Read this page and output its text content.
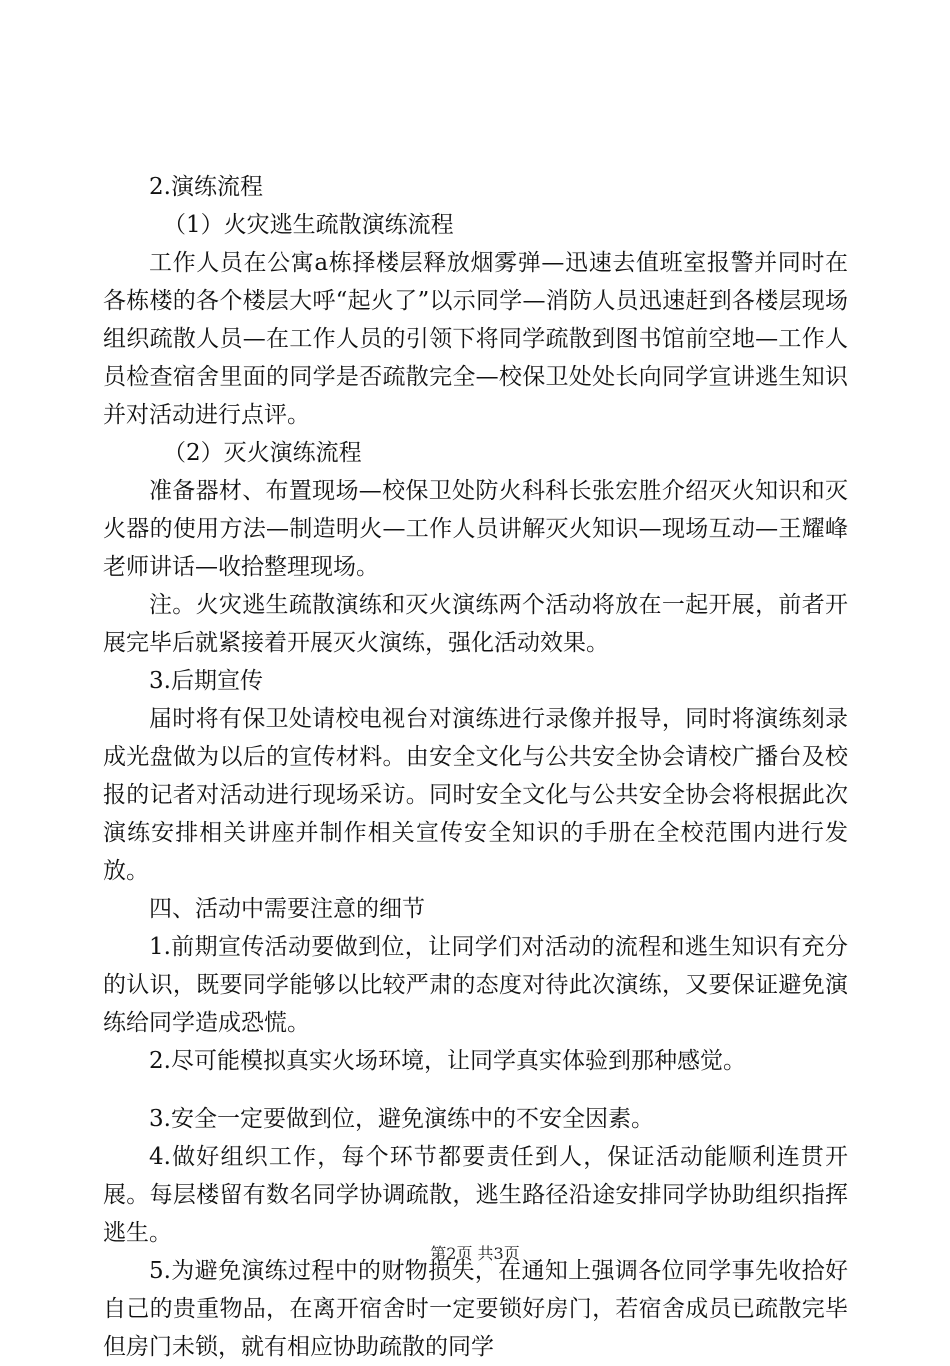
2.演练流程

（1）火灾逃生疏散演练流程

工作人员在公寓a栋择楼层释放烟雾弹—迅速去值班室报警并同时在各栋楼的各个楼层大呼“起火了”以示同学—消防人员迅速赶到各楼层现场组织疏散人员—在工作人员的引领下将同学疏散到图书馆前空地—工作人员检查宿舍里面的同学是否疏散完全—校保卫处处长向同学宣讲逃生知识并对活动进行点评。

（2）灭火演练流程

准备器材、布置现场—校保卫处防火科科长张宏胜介绍灭火知识和灭火器的使用方法—制造明火—工作人员讲解灭火知识—现场互动—王耀峰老师讲话—收拾整理现场。

注。火灾逃生疏散演练和灭火演练两个活动将放在一起开展，前者开展完毕后就紧接着开展灭火演练，强化活动效果。

3.后期宣传

届时将有保卫处请校电视台对演练进行录像并报导，同时将演练刻录成光盘做为以后的宣传材料。由安全文化与公共安全协会请校广播台及校报的记者对活动进行现场采访。同时安全文化与公共安全协会将根据此次演练安排相关讲座并制作相关宣传安全知识的手册在全校范围内进行发放。

四、活动中需要注意的细节

1.前期宣传活动要做到位，让同学们对活动的流程和逃生知识有充分的认识，既要同学能够以比较严肃的态度对待此次演练，又要保证避免演练给同学造成恐慌。

2.尽可能模拟真实火场环境，让同学真实体验到那种感觉。

3.安全一定要做到位，避免演练中的不安全因素。

4.做好组织工作，每个环节都要责任到人，保证活动能顺利连贯开展。每层楼留有数名同学协调疏散，逃生路径沿途安排同学协助组织指挥逃生。

5.为避免演练过程中的财物损失，在通知上强调各位同学事先收拾好自己的贵重物品，在离开宿舍时一定要锁好房门，若宿舍成员已疏散完毕但房门未锁，就有相应协助疏散的同学

第2页 共3页
